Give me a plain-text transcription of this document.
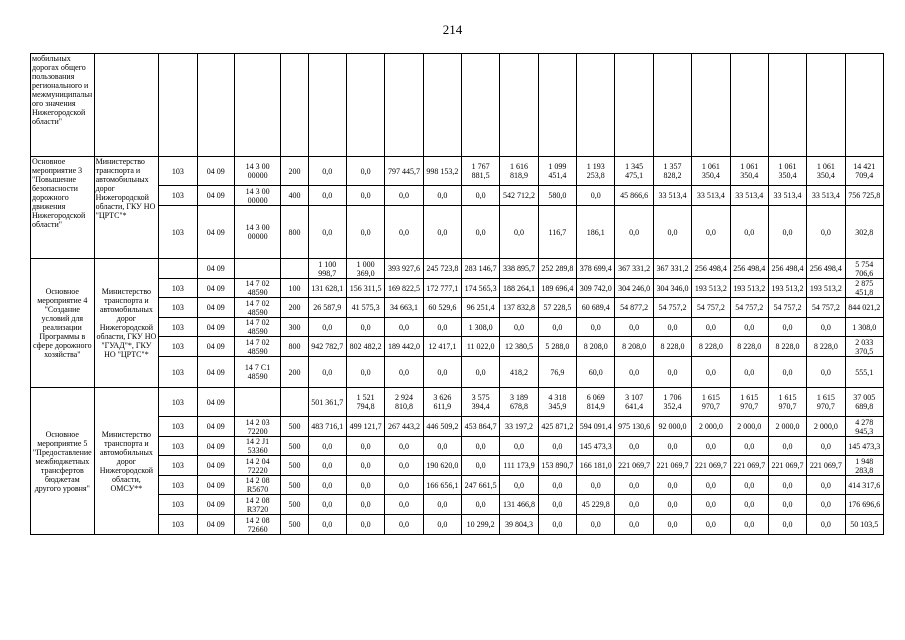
214
мобильных дорогах общего пользования регионального и межмуниципального значения Нижегородской области"																				
Основное мероприятие 3 "Повышение безопасности дорожного движения Нижегородской области"	Министерство транспорта и автомобильных дорог Нижегородской области, ГКУ НО "ЦРТС"*	103	04 09	14 3 00 00000	200	0,0	0,0	797 445,7	998 153,2	1 767 881,5	1 616 818,9	1 099 451,4	1 193 253,8	1 345 475,1	1 357 828,2	1 061 350,4	1 061 350,4	1 061 350,4	1 061 350,4	14 421 709,4
		103	04 09	14 3 00 00000	400	0,0	0,0	0,0	0,0	0,0	542 712,2	580,0	0,0	45 866,6	33 513,4	33 513,4	33 513,4	33 513,4	33 513,4	756 725,8
		103	04 09	14 3 00 00000	800	0,0	0,0	0,0	0,0	0,0	0,0	116,7	186,1	0,0	0,0	0,0	0,0	0,0	0,0	302,8
Основное мероприятие 4 "Создание условий для реализации Программы в сфере дорожного хозяйства"	Министерство транспорта и автомобильных дорог Нижегородской области, ГКУ НО "ГУАД"*, ГКУ НО "ЦРТС"*		04 09			1 100 998,7	1 000 369,0	393 927,6	245 723,8	283 146,7	338 895,7	252 289,8	378 699,4	367 331,2	367 331,2	256 498,4	256 498,4	256 498,4	256 498,4	5 754 706,6
		103	04 09	14 7 02 48590	100	131 628,1	156 311,5	169 822,5	172 777,1	174 565,3	188 264,1	189 696,4	309 742,0	304 246,0	304 346,0	193 513,2	193 513,2	193 513,2	193 513,2	2 875 451,8
		103	04 09	14 7 02 48590	200	26 587,9	41 575,3	34 663,1	60 529,6	96 251,4	137 832,8	57 228,5	60 689,4	54 877,2	54 757,2	54 757,2	54 757,2	54 757,2	54 757,2	844 021,2
		103	04 09	14 7 02 48590	300	0,0	0,0	0,0	0,0	1 308,0	0,0	0,0	0,0	0,0	0,0	0,0	0,0	0,0	0,0	1 308,0
		103	04 09	14 7 02 48590	800	942 782,7	802 482,2	189 442,0	12 417,1	11 022,0	12 380,5	5 288,0	8 208,0	8 208,0	8 228,0	8 228,0	8 228,0	8 228,0	8 228,0	2 033 370,5
		103	04 09	14 7 C1 48590	200	0,0	0,0	0,0	0,0	0,0	418,2	76,9	60,0	0,0	0,0	0,0	0,0	0,0	0,0	555,1
Основное мероприятие 5 "Предоставление межбюджетных трансфертов бюджетам другого уровня"	Министерство транспорта и автомобильных дорог Нижегородской области, ОМСУ**	103	04 09			501 361,7	1 521 794,8	2 924 810,8	3 626 611,9	3 575 394,4	3 189 678,8	4 318 345,9	6 069 814,9	3 107 641,4	1 706 352,4	1 615 970,7	1 615 970,7	1 615 970,7	1 615 970,7	37 005 689,8
		103	04 09	14 2 03 72200	500	483 716,1	499 121,7	267 443,2	446 509,2	453 864,7	33 197,2	425 871,2	594 091,4	975 130,6	92 000,0	2 000,0	2 000,0	2 000,0	2 000,0	4 278 945,3
		103	04 09	14 2 J1 53360	500	0,0	0,0	0,0	0,0	0,0	0,0	0,0	145 473,3	0,0	0,0	0,0	0,0	0,0	0,0	145 473,3
		103	04 09	14 2 04 72220	500	0,0	0,0	0,0	190 620,0	0,0	111 173,9	153 890,7	166 181,0	221 069,7	221 069,7	221 069,7	221 069,7	221 069,7	221 069,7	1 948 283,8
		103	04 09	14 2 08 R5670	500	0,0	0,0	0,0	166 656,1	247 661,5	0,0	0,0	0,0	0,0	0,0	0,0	0,0	0,0	0,0	414 317,6
		103	04 09	14 2 08 R3720	500	0,0	0,0	0,0	0,0	0,0	131 466,8	0,0	45 229,8	0,0	0,0	0,0	0,0	0,0	0,0	176 696,6
		103	04 09	14 2 08 72660	500	0,0	0,0	0,0	0,0	10 299,2	39 804,3	0,0	0,0	0,0	0,0	0,0	0,0	0,0	0,0	50 103,5
